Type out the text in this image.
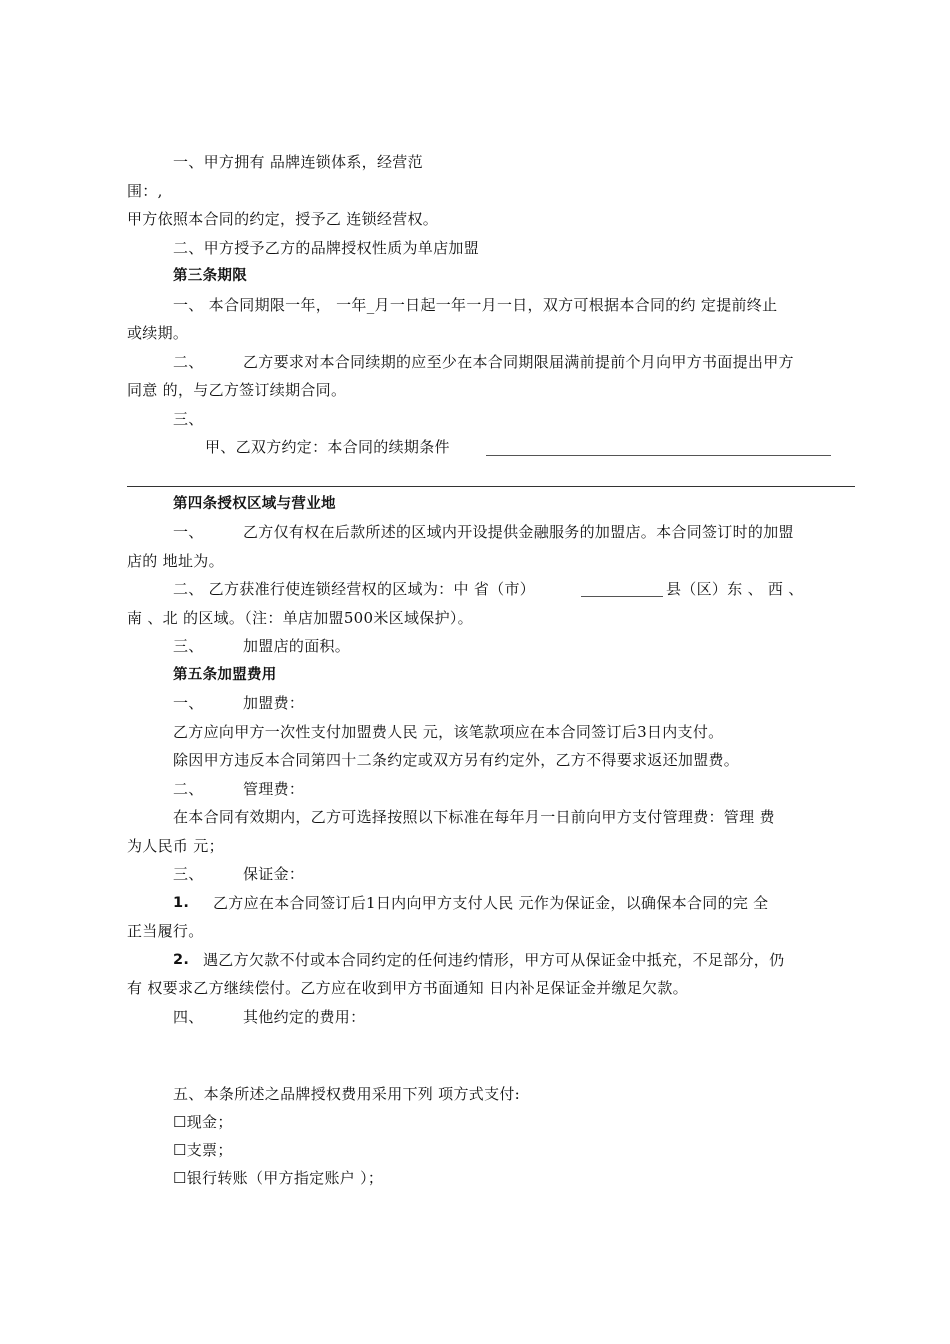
一、甲方拥有 品牌连锁体系，经营范
围：,
甲方依照本合同的约定，授予乙 连锁经营权。
二、甲方授予乙方的品牌授权性质为单店加盟
第三条期限
一、 本合同期限一年， 一年_月一日起一年一月一日，双方可根据本合同的约 定提前终止
或续期。
二、	乙方要求对本合同续期的应至少在本合同期限届满前提前个月向甲方书面提出甲方
同意 的，与乙方签订续期合同。
三、
甲、乙双方约定：本合同的续期条件
第四条授权区域与营业地
一、	乙方仅有权在后款所述的区域内开设提供金融服务的加盟店。本合同签订时的加盟
店的 地址为。
二、 乙方获准行使连锁经营权的区域为：中 省（市）	县（区）东 、 西 、
南 、北 的区域。（注：单店加盟500米区域保护）。
三、	加盟店的面积。
第五条加盟费用
一、	加盟费：
乙方应向甲方一次性支付加盟费人民 元，该笔款项应在本合同签订后3日内支付。
除因甲方违反本合同第四十二条约定或双方另有约定外，乙方不得要求返还加盟费。
二、	管理费：
在本合同有效期内，乙方可选择按照以下标准在每年月一日前向甲方支付管理费：管理 费
为人民币 元；
三、	保证金：
1. 乙方应在本合同签订后1日内向甲方支付人民 元作为保证金，以确保本合同的完 全
正当履行。
2. 遇乙方欠款不付或本合同约定的任何违约情形，甲方可从保证金中抵充，不足部分，仍
有 权要求乙方继续偿付。乙方应在收到甲方书面通知 日内补足保证金并缴足欠款。
四、	其他约定的费用：
五、本条所述之品牌授权费用采用下列 项方式支付:
☐现金；
☐支票；
☐银行转账（甲方指定账户 ）；
